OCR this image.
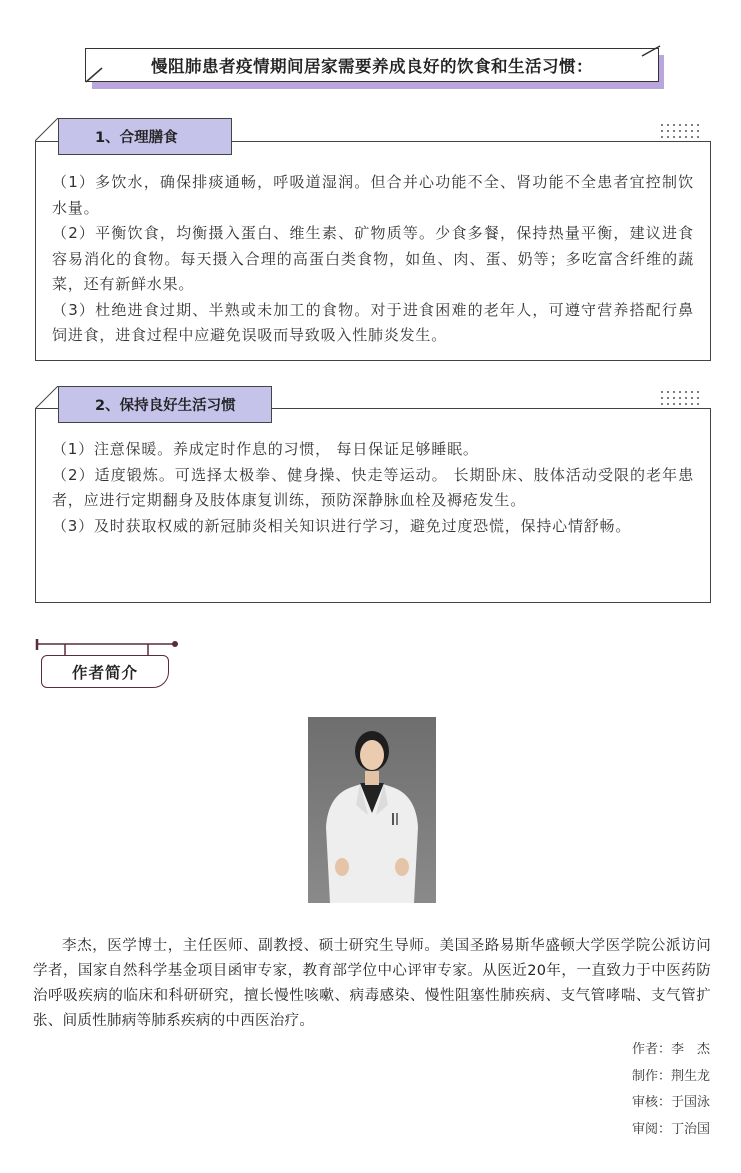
慢阻肺患者疫情期间居家需要养成良好的饮食和生活习惯：
1、合理膳食

（1）多饮水，确保排痰通畅，呼吸道湿润。但合并心功能不全、肾功能不全患者宜控制饮水量。

（2）平衡饮食，均衡摄入蛋白、维生素、矿物质等。少食多餐，保持热量平衡，建议进食容易消化的食物。每天摄入合理的高蛋白类食物，如鱼、肉、蛋、奶等；多吃富含纤维的蔬菜，还有新鲜水果。

（3）杜绝进食过期、半熟或未加工的食物。对于进食困难的老年人，可遵守营养搭配行鼻饲进食，进食过程中应避免误吸而导致吸入性肺炎发生。

2、保持良好生活习惯

（1）注意保暖。养成定时作息的习惯， 每日保证足够睡眠。

（2）适度锻炼。可选择太极拳、健身操、快走等运动。 长期卧床、肢体活动受限的老年患者，应进行定期翻身及肢体康复训练，预防深静脉血栓及褥疮发生。

（3）及时获取权威的新冠肺炎相关知识进行学习，避免过度恐慌，保持心情舒畅。

作者简介

李杰，医学博士，主任医师、副教授、硕士研究生导师。美国圣路易斯华盛顿大学医学院公派访问学者，国家自然科学基金项目函审专家，教育部学位中心评审专家。从医近20年，一直致力于中医药防治呼吸疾病的临床和科研研究，擅长慢性咳嗽、病毒感染、慢性阻塞性肺疾病、支气管哮喘、支气管扩张、间质性肺病等肺系疾病的中西医治疗。

作者：李　杰
制作：荆生龙
审核：于国泳
审阅：丁治国
